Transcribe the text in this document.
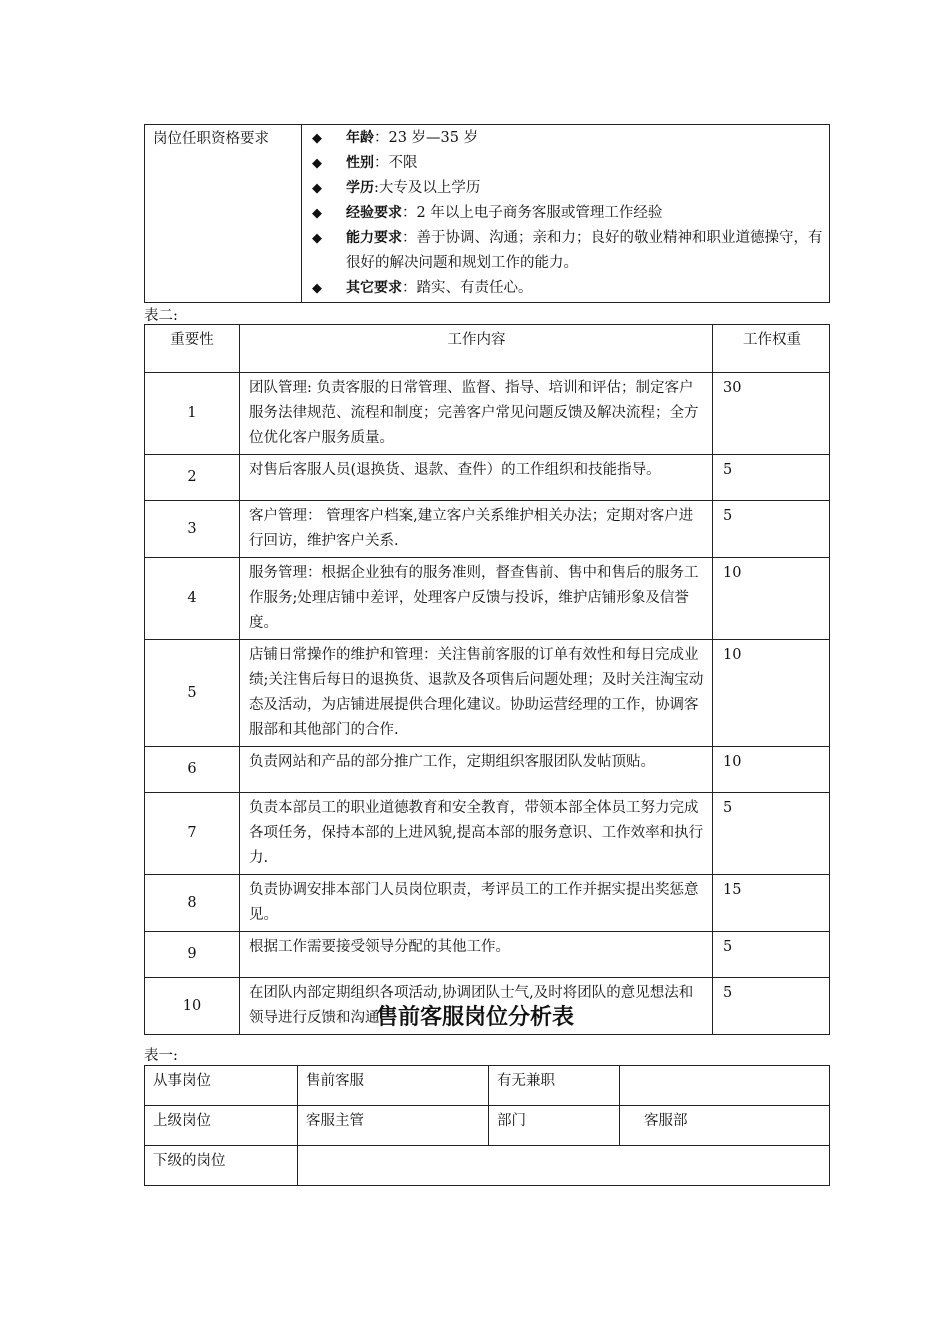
岗位任职资格要求	◆	年龄：23 岁—35 岁
◆	性别：不限
◆	学历:大专及以上学历
◆	经验要求：2 年以上电子商务客服或管理工作经验
◆	能力要求：善于协调、沟通；亲和力；良好的敬业精神和职业道德操守，有很好的解决问题和规划工作的能力。
◆	其它要求：踏实、有责任心。
表二:
重要性	工作内容	工作权重
1	团队管理: 负责客服的日常管理、监督、指导、培训和评估；制定客户服务法律规范、流程和制度；完善客户常见问题反馈及解决流程；全方位优化客户服务质量。	30
2	对售后客服人员(退换货、退款、查件）的工作组织和技能指导。	5
3	客户管理： 管理客户档案,建立客户关系维护相关办法；定期对客户进行回访，维护客户关系.	5
4	服务管理：根据企业独有的服务准则，督查售前、售中和售后的服务工作服务;处理店铺中差评，处理客户反馈与投诉，维护店铺形象及信誉度。	10
5	店铺日常操作的维护和管理：关注售前客服的订单有效性和每日完成业绩;关注售后每日的退换货、退款及各项售后问题处理；及时关注淘宝动态及活动，为店铺进展提供合理化建议。协助运营经理的工作，协调客服部和其他部门的合作.	10
6	负责网站和产品的部分推广工作，定期组织客服团队发帖顶贴。	10
7	负责本部员工的职业道德教育和安全教育，带领本部全体员工努力完成各项任务，保持本部的上进风貌,提高本部的服务意识、工作效率和执行力.	5
8	负责协调安排本部门人员岗位职责，考评员工的工作并据实提出奖惩意见。	15
9	根据工作需要接受领导分配的其他工作。	5
10	在团队内部定期组织各项活动,协调团队士气,及时将团队的意见想法和领导进行反馈和沟通.	5
售前客服岗位分析表
表一:
从事岗位	售前客服	有无兼职	
上级岗位	客服主管	部门	客服部
下级的岗位			
